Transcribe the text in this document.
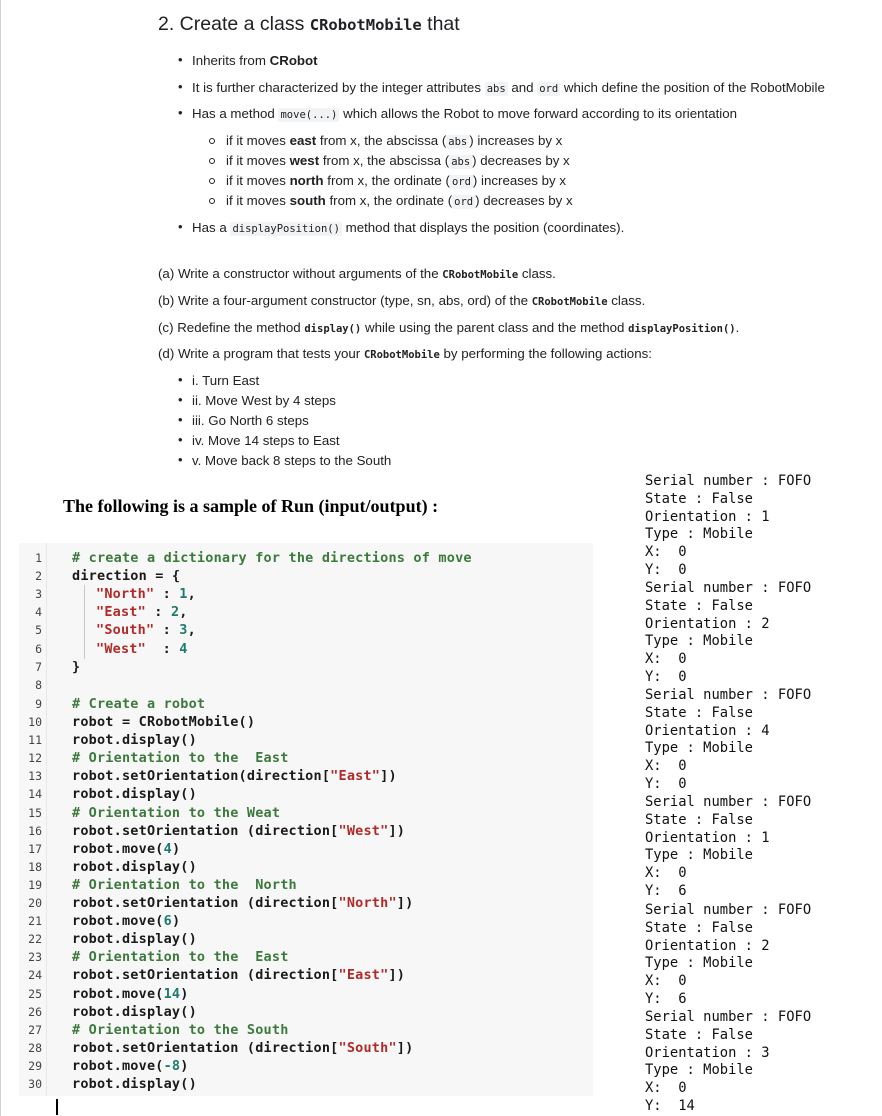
2. Create a class CRobotMobile that
• Inherits from CRobot
• It is further characterized by the integer attributes abs and ord which define the position of the RobotMobile
• Has a method move(...) which allows the Robot to move forward according to its orientation
if it moves east from x, the abscissa ( abs ) increases by x
if it moves west from x, the abscissa ( abs ) decreases by x
if it moves north from x, the ordinate ( ord ) increases by x
if it moves south from x, the ordinate ( ord ) decreases by x
• Has a displayPosition() method that displays the position (coordinates).
(a) Write a constructor without arguments of the CRobotMobile class.
(b) Write a four-argument constructor (type, sn, abs, ord) of the CRobotMobile class.
(c) Redefine the method display() while using the parent class and the method displayPosition().
(d) Write a program that tests your CRobotMobile by performing the following actions:
• i. Turn East
• ii. Move West by 4 steps
• iii. Go North 6 steps
• iv. Move 14 steps to East
• v. Move back 8 steps to the South
The following is a sample of Run (input/output) :
1
2
3
4
5
6
7
8
9
10
11
12
13
14
15
16
17
18
19
20
21
22
23
24
25
26
27
28
29
30
# create a dictionary for the directions of move
direction = {
"North" : 1,
"East" : 2,
"South" : 3,
"West"  : 4
}
# Create a robot
robot = CRobotMobile()
robot.display()
# Orientation to the  East
robot.setOrientation(direction["East"])
robot.display()
# Orientation to the Weat
robot.setOrientation (direction["West"])
robot.move(4)
robot.display()
# Orientation to the  North
robot.setOrientation (direction["North"])
robot.move(6)
robot.display()
# Orientation to the  East
robot.setOrientation (direction["East"])
robot.move(14)
robot.display()
# Orientation to the South
robot.setOrientation (direction["South"])
robot.move(-8)
robot.display()
Serial number : FOFO
State : False
Orientation : 1
Type : Mobile
X:  0
Y:  0
Serial number : FOFO
State : False
Orientation : 2
Type : Mobile
X:  0
Y:  0
Serial number : FOFO
State : False
Orientation : 4
Type : Mobile
X:  0
Y:  0
Serial number : FOFO
State : False
Orientation : 1
Type : Mobile
X:  0
Y:  6
Serial number : FOFO
State : False
Orientation : 2
Type : Mobile
X:  0
Y:  6
Serial number : FOFO
State : False
Orientation : 3
Type : Mobile
X:  0
Y:  14
